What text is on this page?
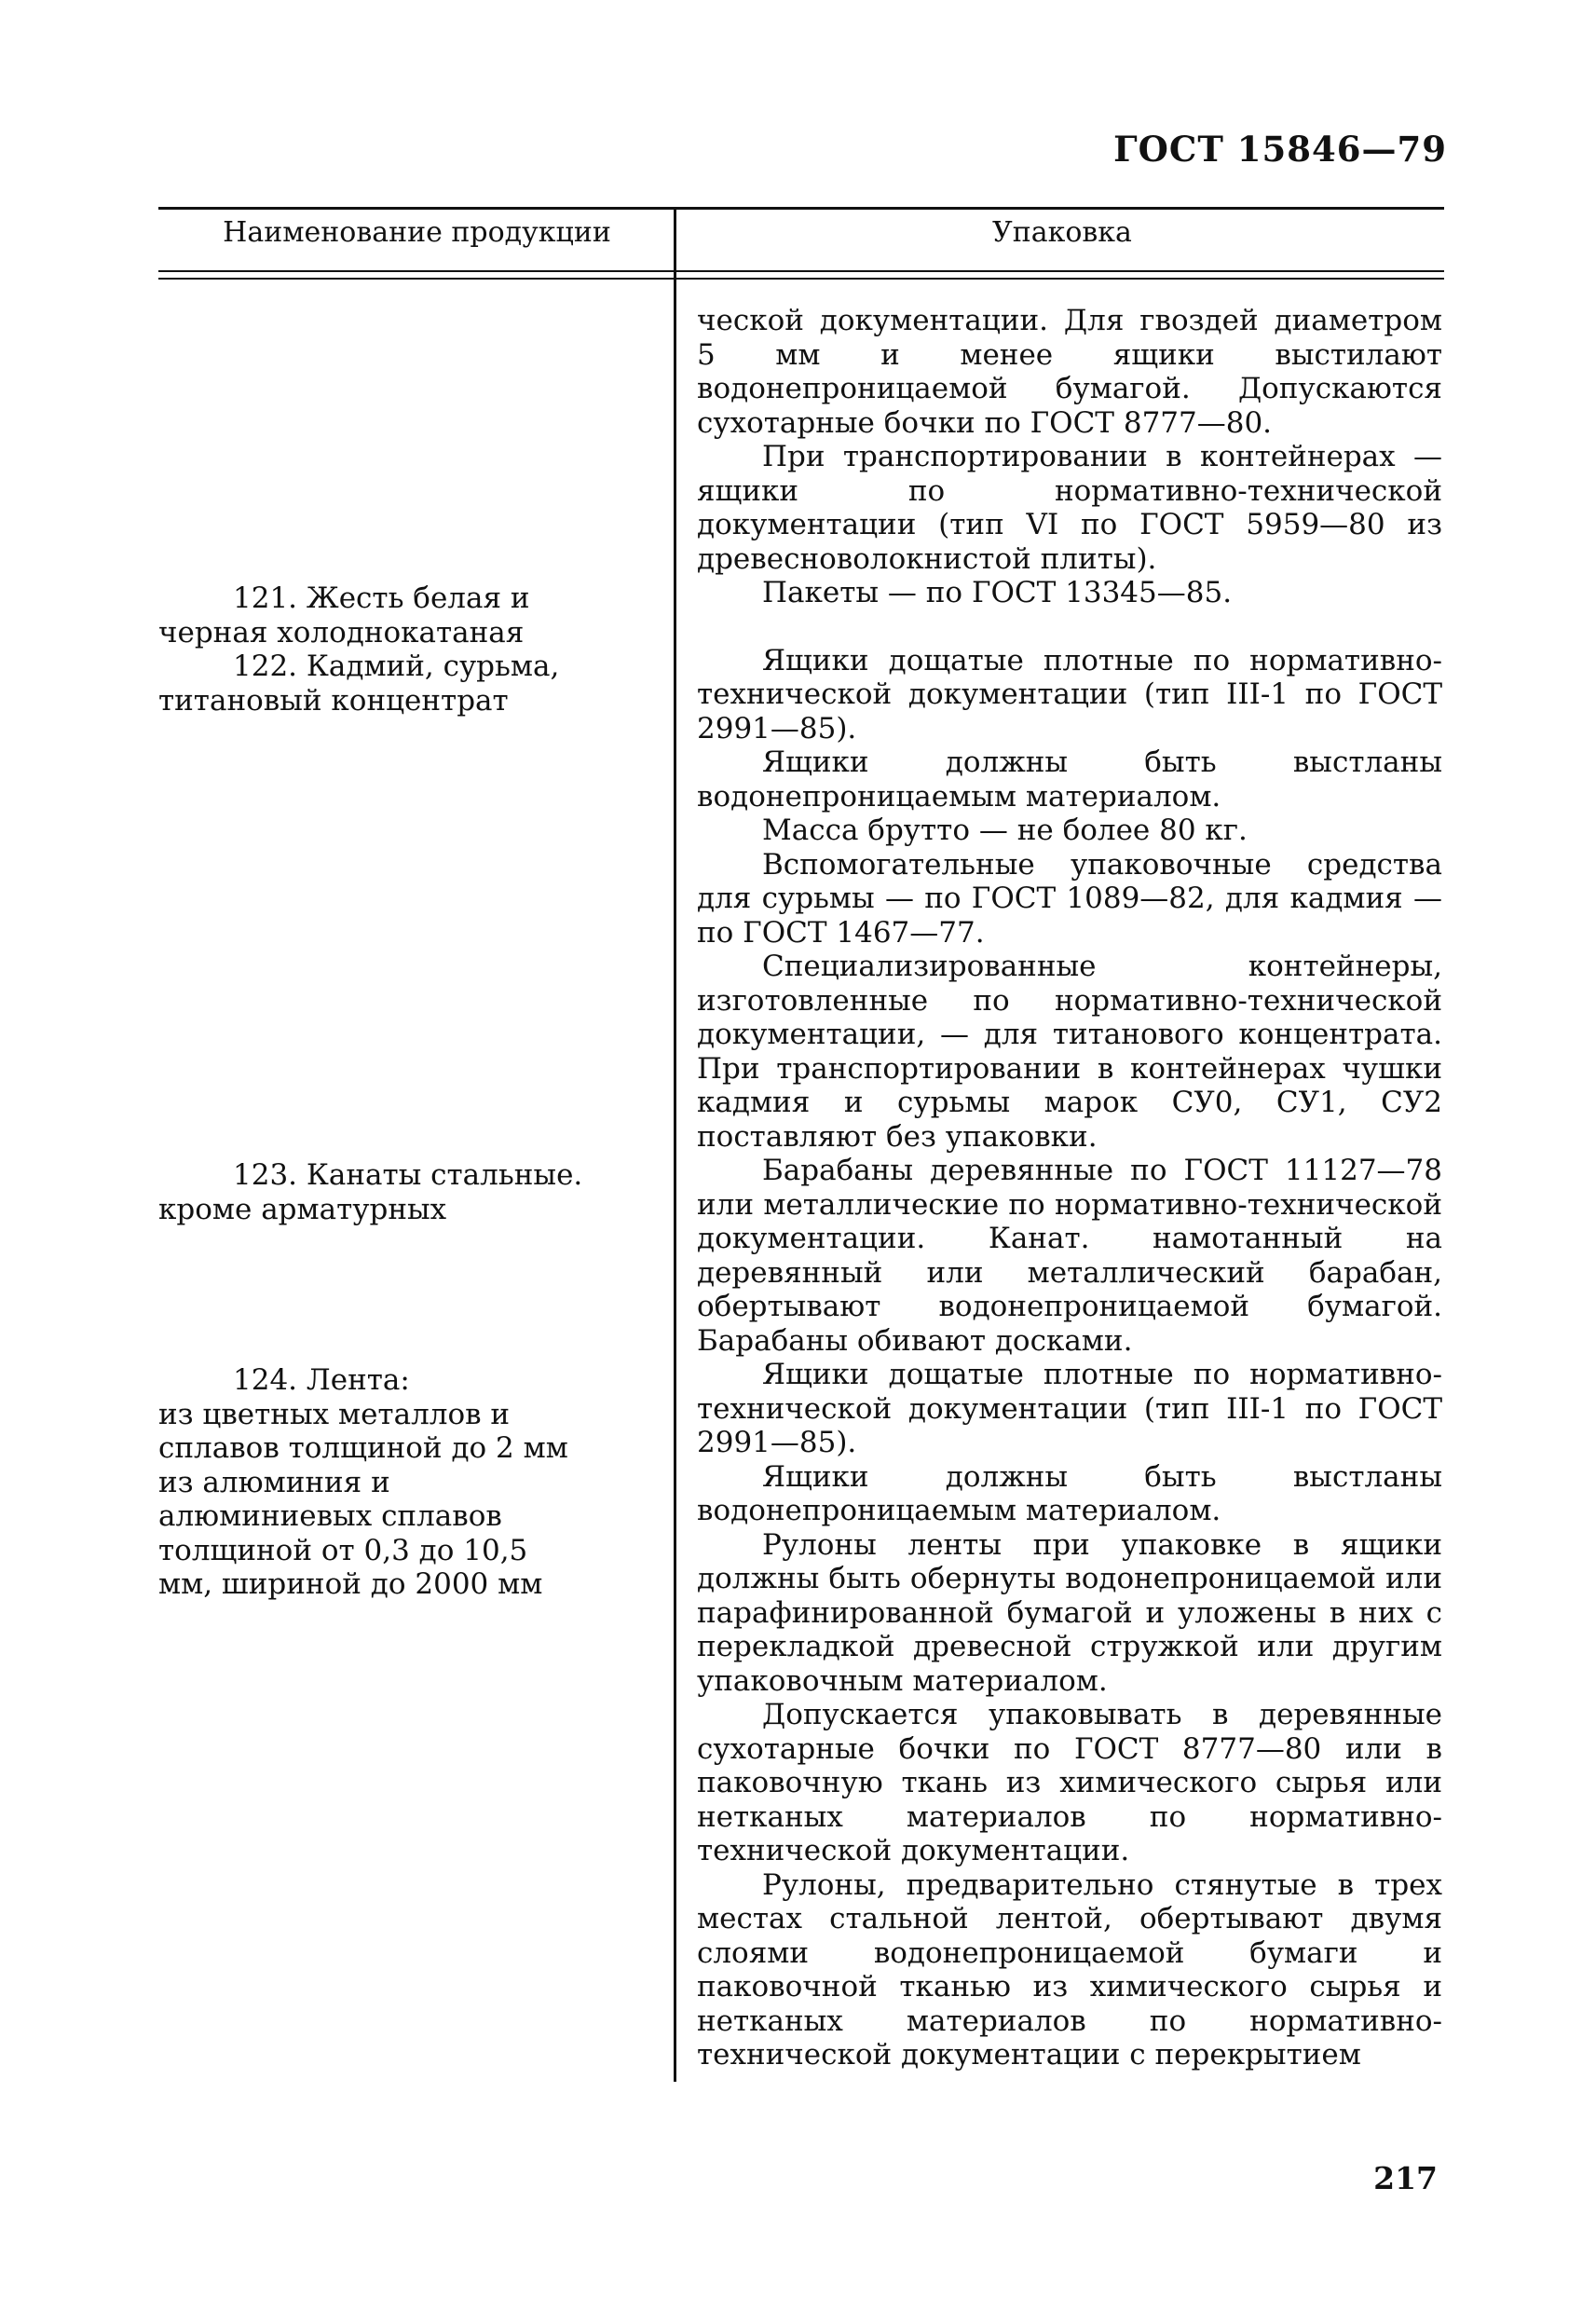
ГОСТ 15846—79
Наименование продукции	Упаковка

121. Жесть белая и

черная холоднокатаная

122. Кадмий, сурьма,

титановый концентрат

123. Канаты стальные.

кроме арматурных

124. Лента:

из цветных металлов и сплавов толщиной до 2 мм из алюминия и алюминиевых сплавов толщиной от 0,3 до 10,5 мм, шириной до 2000 мм

ческой документации. Для гвоздей диаметром 5 мм и менее ящики выстилают водонепроницаемой бумагой. Допускаются сухотарные бочки по ГОСТ 8777—80.

При транспортировании в контейнерах — ящики по нормативно-технической документации (тип VI по ГОСТ 5959—80 из древесноволокнистой плиты).

Пакеты — по ГОСТ 13345—85.

Ящики дощатые плотные по нормативно-технической документации (тип III-1 по ГОСТ 2991—85).

Ящики должны быть выстланы водонепроницаемым материалом.

Масса брутто — не более 80 кг.

Вспомогательные упаковочные средства для сурьмы — по ГОСТ 1089—82, для кадмия — по ГОСТ 1467—77.

Специализированные контейнеры, изготовленные по нормативно-технической документации, — для титанового концентрата. При транспортировании в контейнерах чушки кадмия и сурьмы марок СУ0, СУ1, СУ2 поставляют без упаковки.

Барабаны деревянные по ГОСТ 11127—78 или металлические по нормативно-технической документации. Канат. намотанный на деревянный или металлический барабан, обертывают водонепроницаемой бумагой. Барабаны обивают досками.

Ящики дощатые плотные по нормативно-технической документации (тип III-1 по ГОСТ 2991—85).

Ящики должны быть выстланы водонепроницаемым материалом.

Рулоны ленты при упаковке в ящики должны быть обернуты водонепроницаемой или парафинированной бумагой и уложены в них с перекладкой древесной стружкой или другим упаковочным материалом.

Допускается упаковывать в деревянные сухотарные бочки по ГОСТ 8777—80 или в паковочную ткань из химического сырья или нетканых материалов по нормативно-технической документации.

Рулоны, предварительно стянутые в трех местах стальной лентой, обертывают двумя слоями водонепроницаемой бумаги и паковочной тканью из химического сырья и нетканых материалов по нормативно-технической документации с перекрытием

217
